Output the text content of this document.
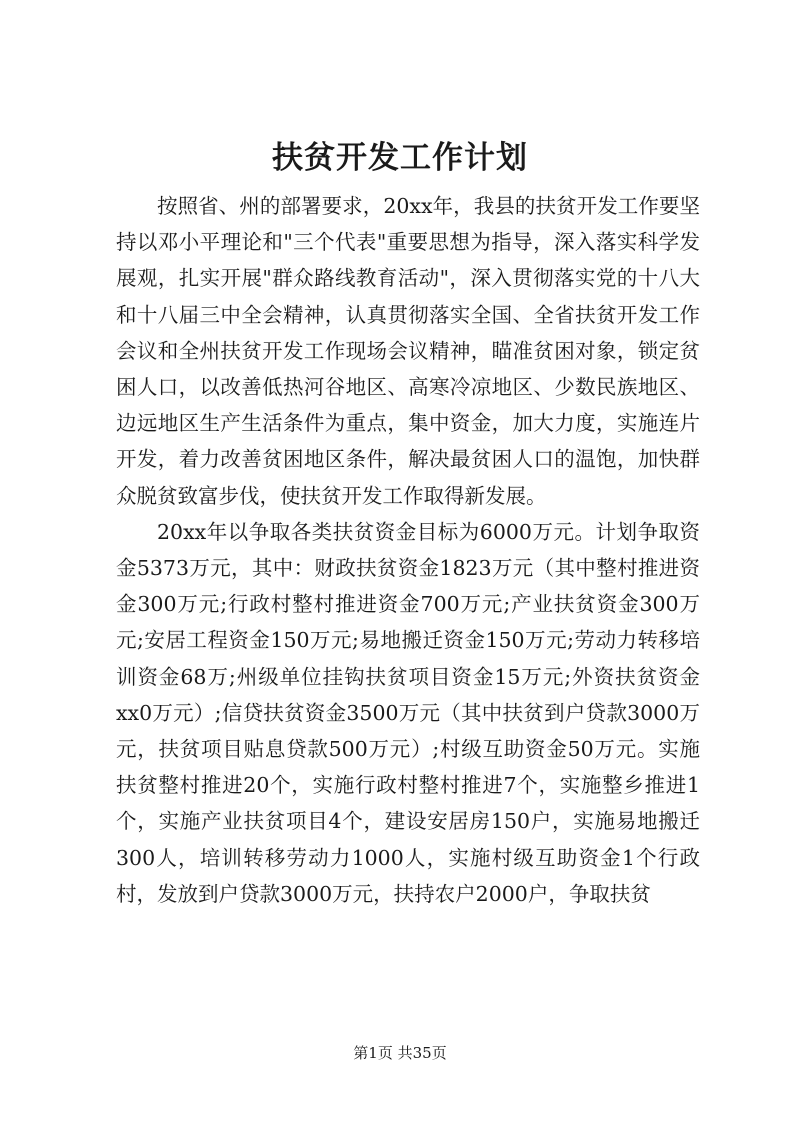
扶贫开发工作计划

按照省、州的部署要求，20xx年，我县的扶贫开发工作要坚持以邓小平理论和"三个代表"重要思想为指导，深入落实科学发展观，扎实开展"群众路线教育活动"，深入贯彻落实党的十八大和十八届三中全会精神，认真贯彻落实全国、全省扶贫开发工作会议和全州扶贫开发工作现场会议精神，瞄准贫困对象，锁定贫困人口，以改善低热河谷地区、高寒冷凉地区、少数民族地区、边远地区生产生活条件为重点，集中资金，加大力度，实施连片开发，着力改善贫困地区条件，解决最贫困人口的温饱，加快群众脱贫致富步伐，使扶贫开发工作取得新发展。

20xx年以争取各类扶贫资金目标为6000万元。计划争取资金5373万元，其中：财政扶贫资金1823万元（其中整村推进资金300万元;行政村整村推进资金700万元;产业扶贫资金300万元;安居工程资金150万元;易地搬迁资金150万元;劳动力转移培训资金68万;州级单位挂钩扶贫项目资金15万元;外资扶贫资金xx0万元）;信贷扶贫资金3500万元（其中扶贫到户贷款3000万元，扶贫项目贴息贷款500万元）;村级互助资金50万元。实施扶贫整村推进20个，实施行政村整村推进7个，实施整乡推进1个，实施产业扶贫项目4个，建设安居房150户，实施易地搬迁300人，培训转移劳动力1000人，实施村级互助资金1个行政村，发放到户贷款3000万元，扶持农户2000户，争取扶贫

第1页 共35页
